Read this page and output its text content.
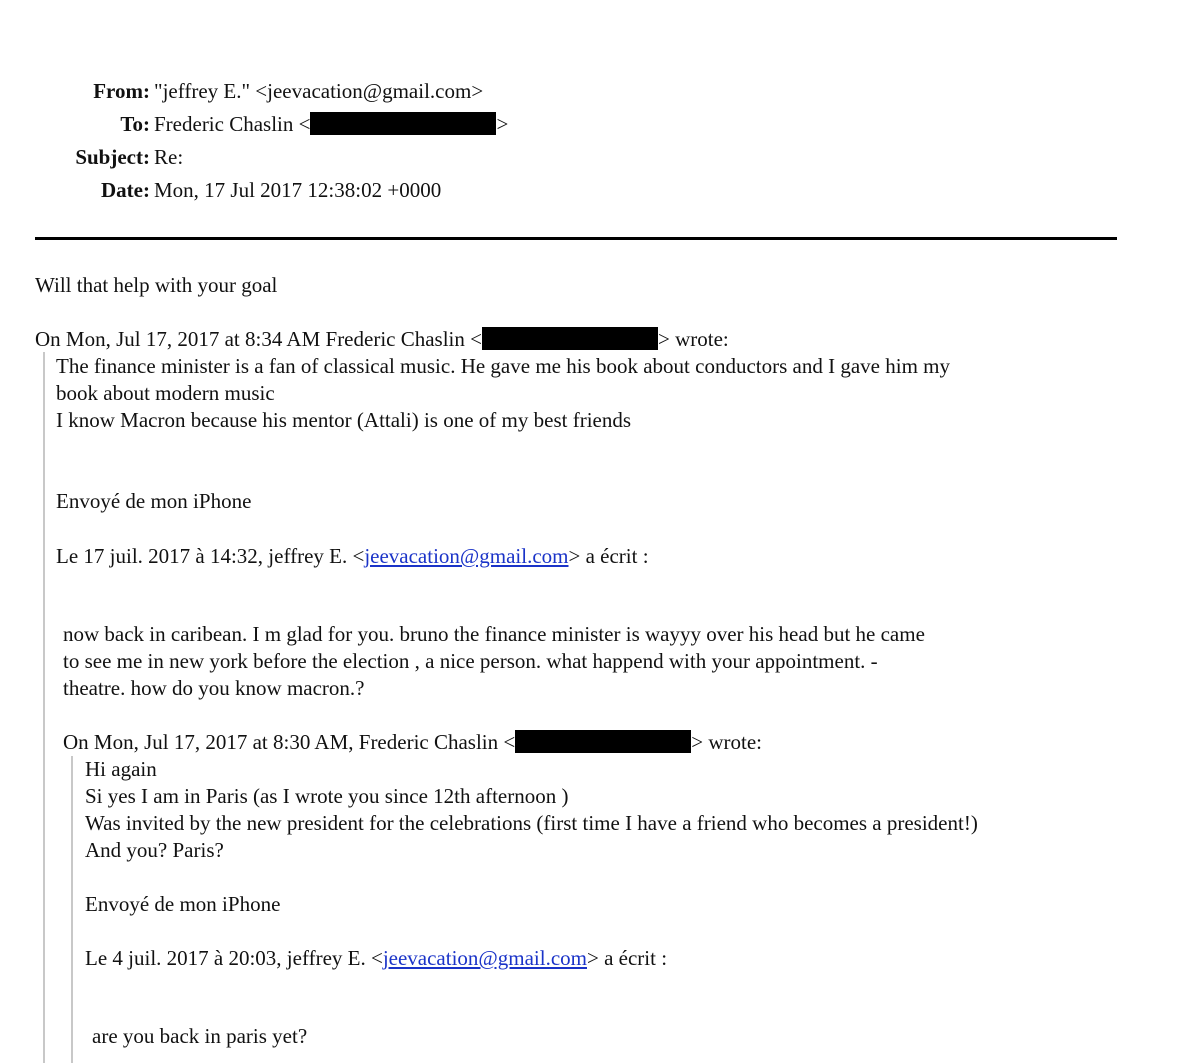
From: "jeffrey E." <jeevacation@gmail.com>
To: Frederic Chaslin <	>
Subject: Re:
Date: Mon, 17 Jul 2017 12:38:02 +0000
Will that help with your goal
On Mon, Jul 17, 2017 at 8:34 AM Frederic Chaslin <	> wrote:
The finance minister is a fan of classical music. He gave me his book about conductors and I gave him my
book about modern music
I know Macron because his mentor (Attali) is one of my best friends
Envoyé de mon iPhone
Le 17 juil. 2017 à 14:32, jeffrey E. <jeevacation@gmail.com> a écrit :
now back in caribean. I m glad for you. bruno the finance minister is wayyy over his head but he came
to see me in new york before the election , a nice person. what happend with your appointment. -
theatre. how do you know macron.?
On Mon, Jul 17, 2017 at 8:30 AM, Frederic Chaslin <	> wrote:
Hi again
Si yes I am in Paris (as I wrote you since 12th afternoon )
Was invited by the new president for the celebrations (first time I have a friend who becomes a president!)
And you? Paris?
Envoyé de mon iPhone
Le 4 juil. 2017 à 20:03, jeffrey E. <jeevacation@gmail.com> a écrit :
are you back in paris yet?
